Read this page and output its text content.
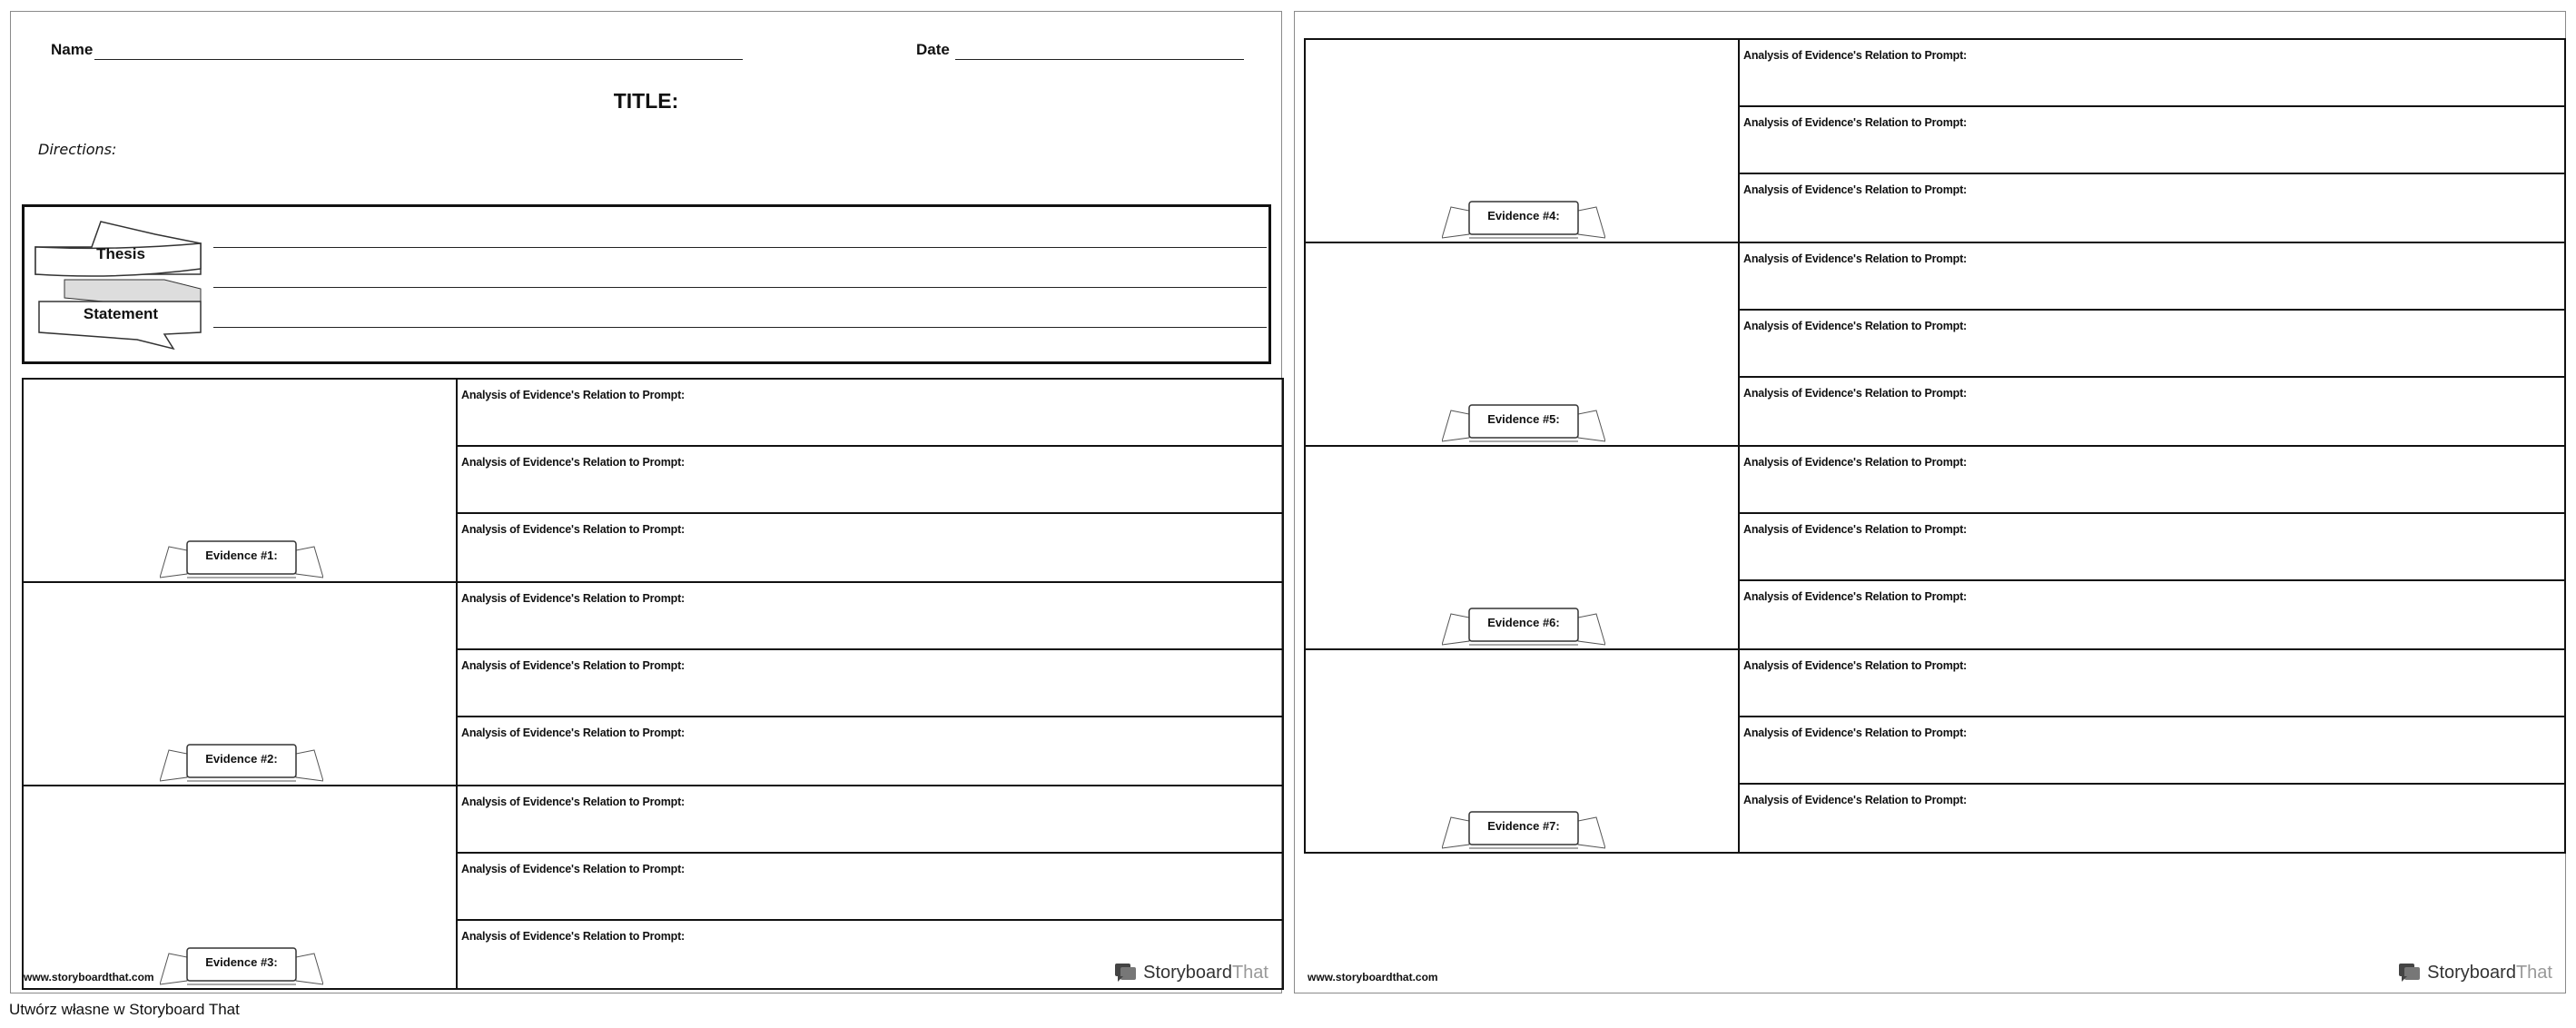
Name	Date
TITLE:
Directions:
Thesis
Statement
Evidence #1:
Analysis of Evidence's Relation to Prompt:
Analysis of Evidence's Relation to Prompt:
Analysis of Evidence's Relation to Prompt:
Evidence #2:
Analysis of Evidence's Relation to Prompt:
Analysis of Evidence's Relation to Prompt:
Analysis of Evidence's Relation to Prompt:
Evidence #3:
Analysis of Evidence's Relation to Prompt:
Analysis of Evidence's Relation to Prompt:
Analysis of Evidence's Relation to Prompt:
www.storyboardthat.com	Storyboard That
Evidence #4:
Analysis of Evidence's Relation to Prompt:
Analysis of Evidence's Relation to Prompt:
Analysis of Evidence's Relation to Prompt:
Evidence #5:
Analysis of Evidence's Relation to Prompt:
Analysis of Evidence's Relation to Prompt:
Analysis of Evidence's Relation to Prompt:
Evidence #6:
Analysis of Evidence's Relation to Prompt:
Analysis of Evidence's Relation to Prompt:
Analysis of Evidence's Relation to Prompt:
Evidence #7:
Analysis of Evidence's Relation to Prompt:
Analysis of Evidence's Relation to Prompt:
Analysis of Evidence's Relation to Prompt:
www.storyboardthat.com	Storyboard That
Utwórz własne w Storyboard That
